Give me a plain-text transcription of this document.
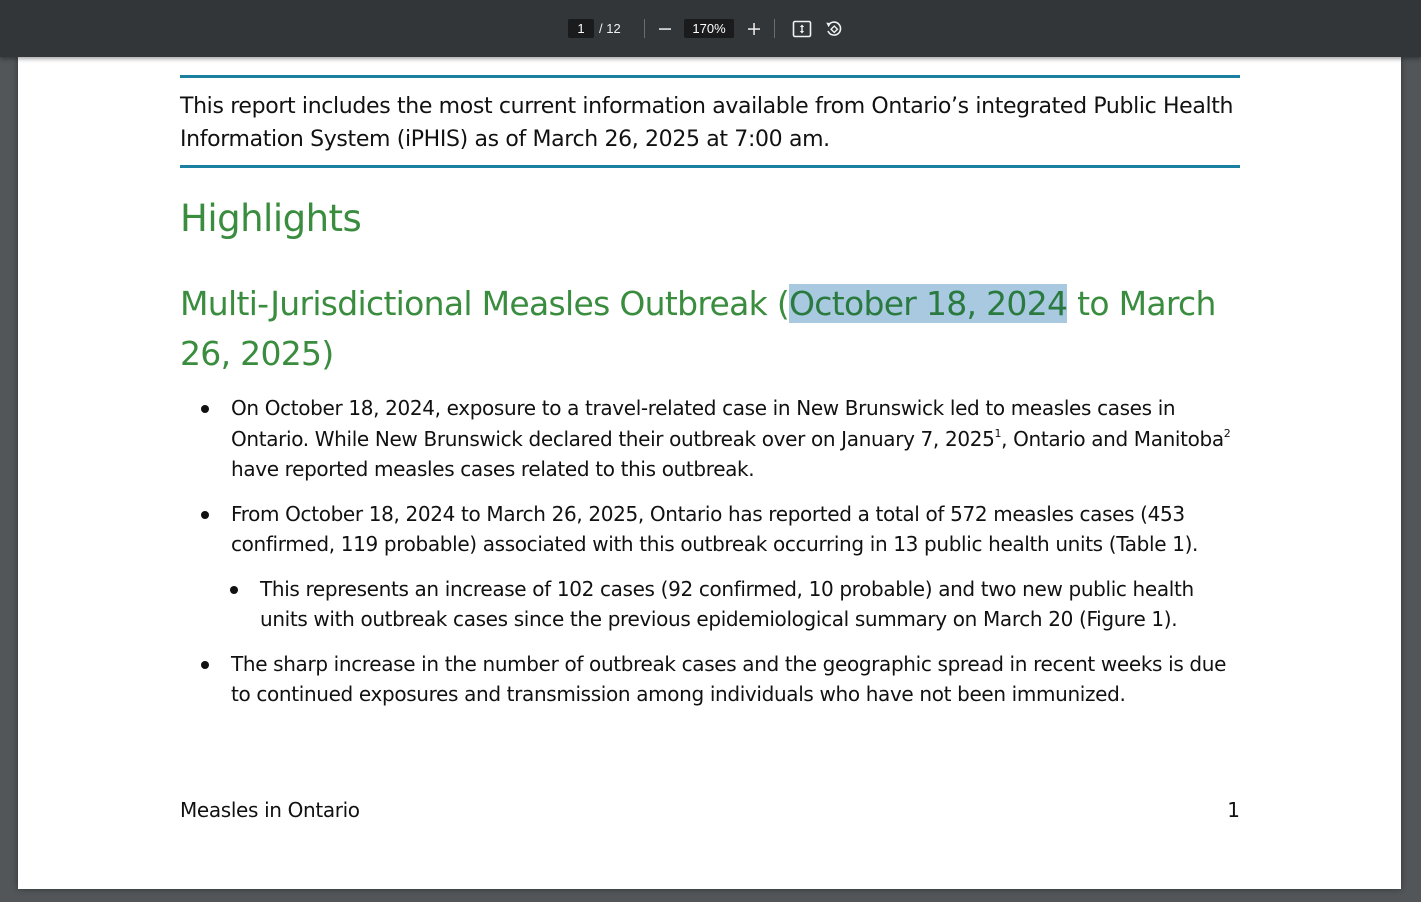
1	/ 12	170%
This report includes the most current information available from Ontario’s integrated Public Health Information System (iPHIS) as of March 26, 2025 at 7:00 am.
Highlights
Multi-Jurisdictional Measles Outbreak (October 18, 2024 to March 26, 2025)
On October 18, 2024, exposure to a travel-related case in New Brunswick led to measles cases in Ontario. While New Brunswick declared their outbreak over on January 7, 2025$^1$, Ontario and Manitoba$^2$ have reported measles cases related to this outbreak.
From October 18, 2024 to March 26, 2025, Ontario has reported a total of 572 measles cases (453 confirmed, 119 probable) associated with this outbreak occurring in 13 public health units (Table 1).
This represents an increase of 102 cases (92 confirmed, 10 probable) and two new public health units with outbreak cases since the previous epidemiological summary on March 20 (Figure 1).
The sharp increase in the number of outbreak cases and the geographic spread in recent weeks is due to continued exposures and transmission among individuals who have not been immunized.
Measles in Ontario	1
